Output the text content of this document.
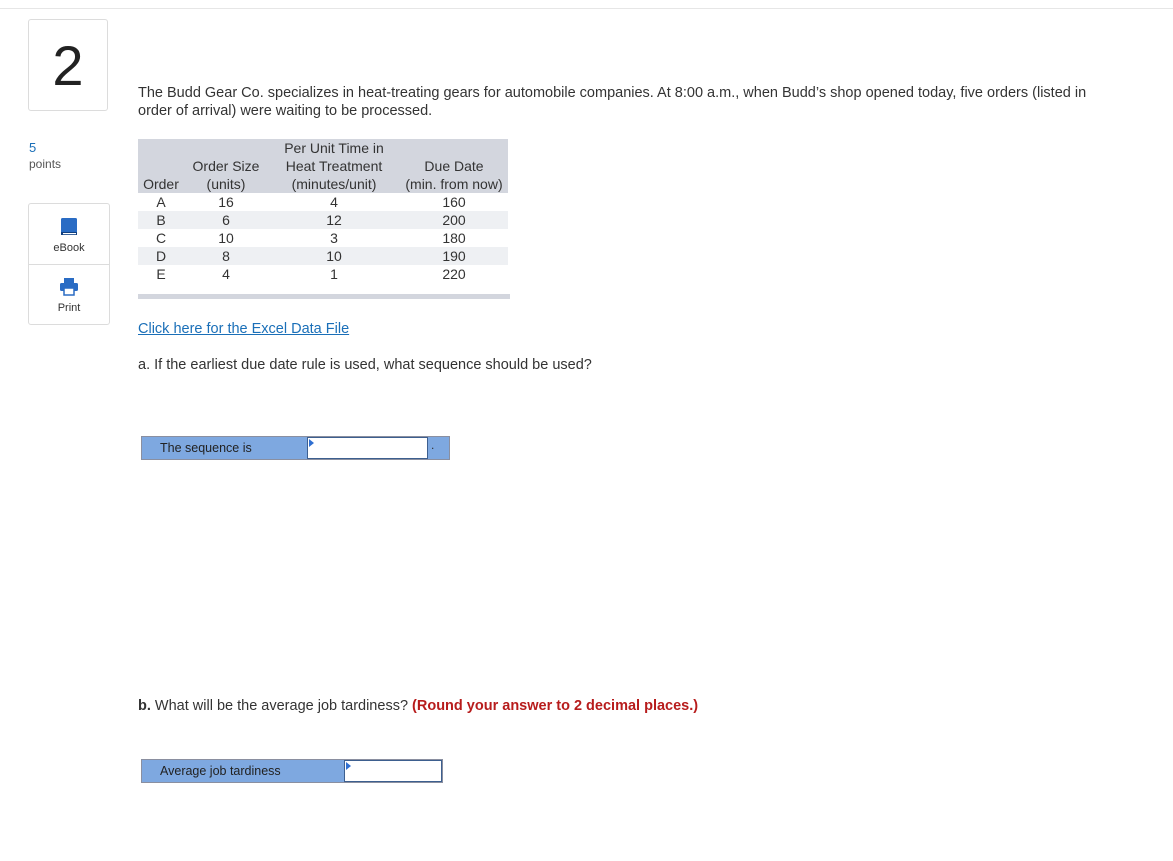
2
5
points
eBook
Print
The Budd Gear Co. specializes in heat-treating gears for automobile companies. At 8:00 a.m., when Budd’s shop opened today, five orders (listed in order of arrival) were waiting to be processed.
		Per Unit Time in	
	Order Size	Heat Treatment	Due Date
Order	(units)	(minutes/unit)	(min. from now)
A	16	4	160
B	6	12	200
C	10	3	180
D	8	10	190
E	4	1	220
Click here for the Excel Data File
a. If the earliest due date rule is used, what sequence should be used?
The sequence is	.
b. What will be the average job tardiness? (Round your answer to 2 decimal places.)
Average job tardiness
